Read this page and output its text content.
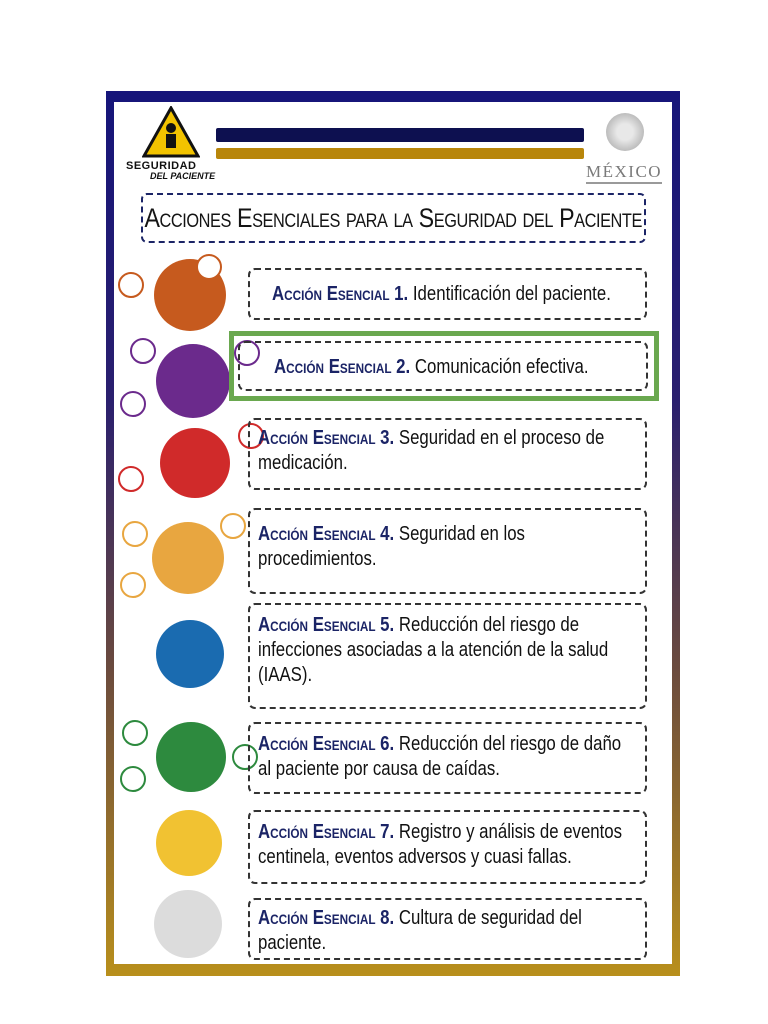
SEGURIDAD
DEL PACIENTE	MÉXICO
Acciones Esenciales para la Seguridad del Paciente
Acción Esencial 1. Identificación del paciente.
Acción Esencial 2. Comunicación efectiva.
Acción Esencial 3. Seguridad en el proceso de medicación.
Acción Esencial 4. Seguridad en los procedimientos.
Acción Esencial 5. Reducción del riesgo de infecciones asociadas a la atención de la salud (IAAS).
Acción Esencial 6. Reducción del riesgo de daño al paciente por causa de caídas.
Acción Esencial 7. Registro y análisis de eventos centinela, eventos adversos y cuasi fallas.
Acción Esencial 8. Cultura de seguridad del paciente.
